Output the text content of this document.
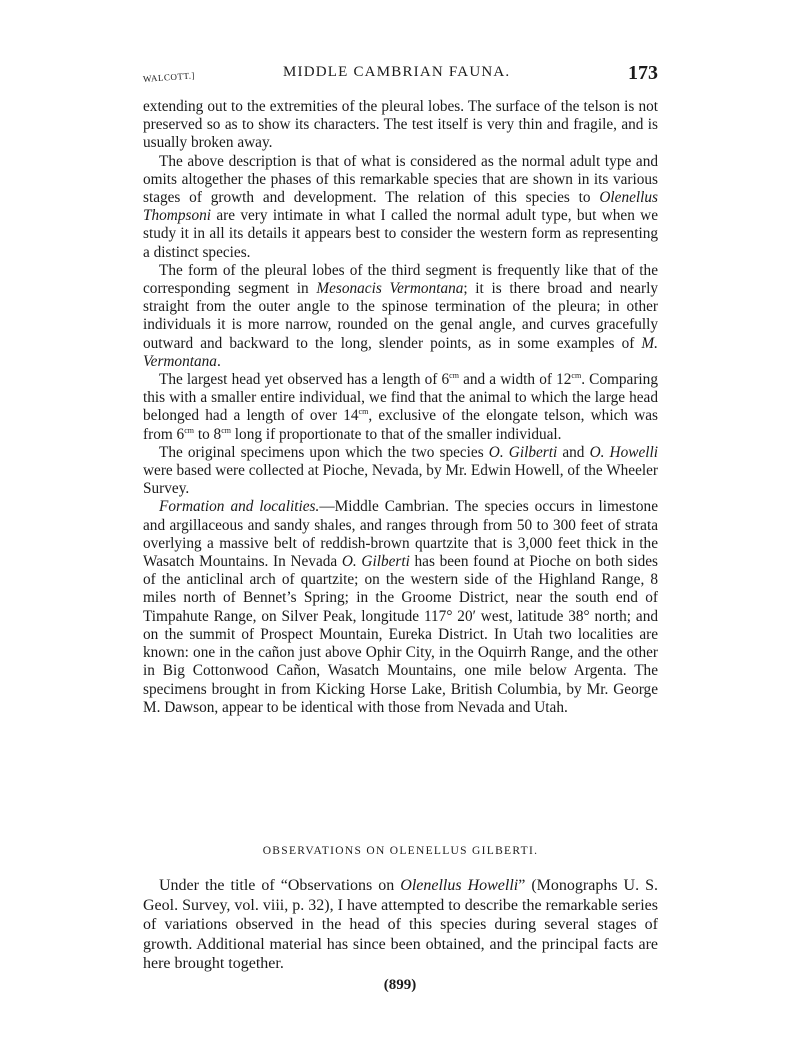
WALCOTT.]	MIDDLE CAMBRIAN FAUNA.	173

extending out to the extremities of the pleural lobes. The surface of the telson is not preserved so as to show its characters. The test itself is very thin and fragile, and is usually broken away.

The above description is that of what is considered as the normal adult type and omits altogether the phases of this remarkable species that are shown in its various stages of growth and development. The relation of this species to Olenellus Thompsoni are very intimate in what I called the normal adult type, but when we study it in all its details it appears best to consider the western form as representing a distinct species.

The form of the pleural lobes of the third segment is frequently like that of the corresponding segment in Mesonacis Vermontana; it is there broad and nearly straight from the outer angle to the spinose termination of the pleura; in other individuals it is more narrow, rounded on the genal angle, and curves gracefully outward and backward to the long, slender points, as in some examples of M. Vermontana.

The largest head yet observed has a length of $6^{cm}$ and a width of $12^{cm}$. Comparing this with a smaller entire individual, we find that the animal to which the large head belonged had a length of over $14^{cm}$, exclusive of the elongate telson, which was from $6^{cm}$ to $8^{cm}$ long if proportionate to that of the smaller individual.

The original specimens upon which the two species O. Gilberti and O. Howelli were based were collected at Pioche, Nevada, by Mr. Edwin Howell, of the Wheeler Survey.

Formation and localities.—Middle Cambrian. The species occurs in limestone and argillaceous and sandy shales, and ranges through from 50 to 300 feet of strata overlying a massive belt of reddish-brown quartzite that is 3,000 feet thick in the Wasatch Mountains. In Nevada O. Gilberti has been found at Pioche on both sides of the anticlinal arch of quartzite; on the western side of the Highland Range, 8 miles north of Bennet’s Spring; in the Groome District, near the south end of Timpahute Range, on Silver Peak, longitude 117° 20′ west, latitude 38° north; and on the summit of Prospect Mountain, Eureka District. In Utah two localities are known: one in the cañon just above Ophir City, in the Oquirrh Range, and the other in Big Cottonwood Cañon, Wasatch Mountains, one mile below Argenta. The specimens brought in from Kicking Horse Lake, British Columbia, by Mr. George M. Dawson, appear to be identical with those from Nevada and Utah.

OBSERVATIONS ON OLENELLUS GILBERTI.

Under the title of “Observations on Olenellus Howelli” (Monographs U. S. Geol. Survey, vol. viii, p. 32), I have attempted to describe the remarkable series of variations observed in the head of this species during several stages of growth. Additional material has since been obtained, and the principal facts are here brought together.

(899)
